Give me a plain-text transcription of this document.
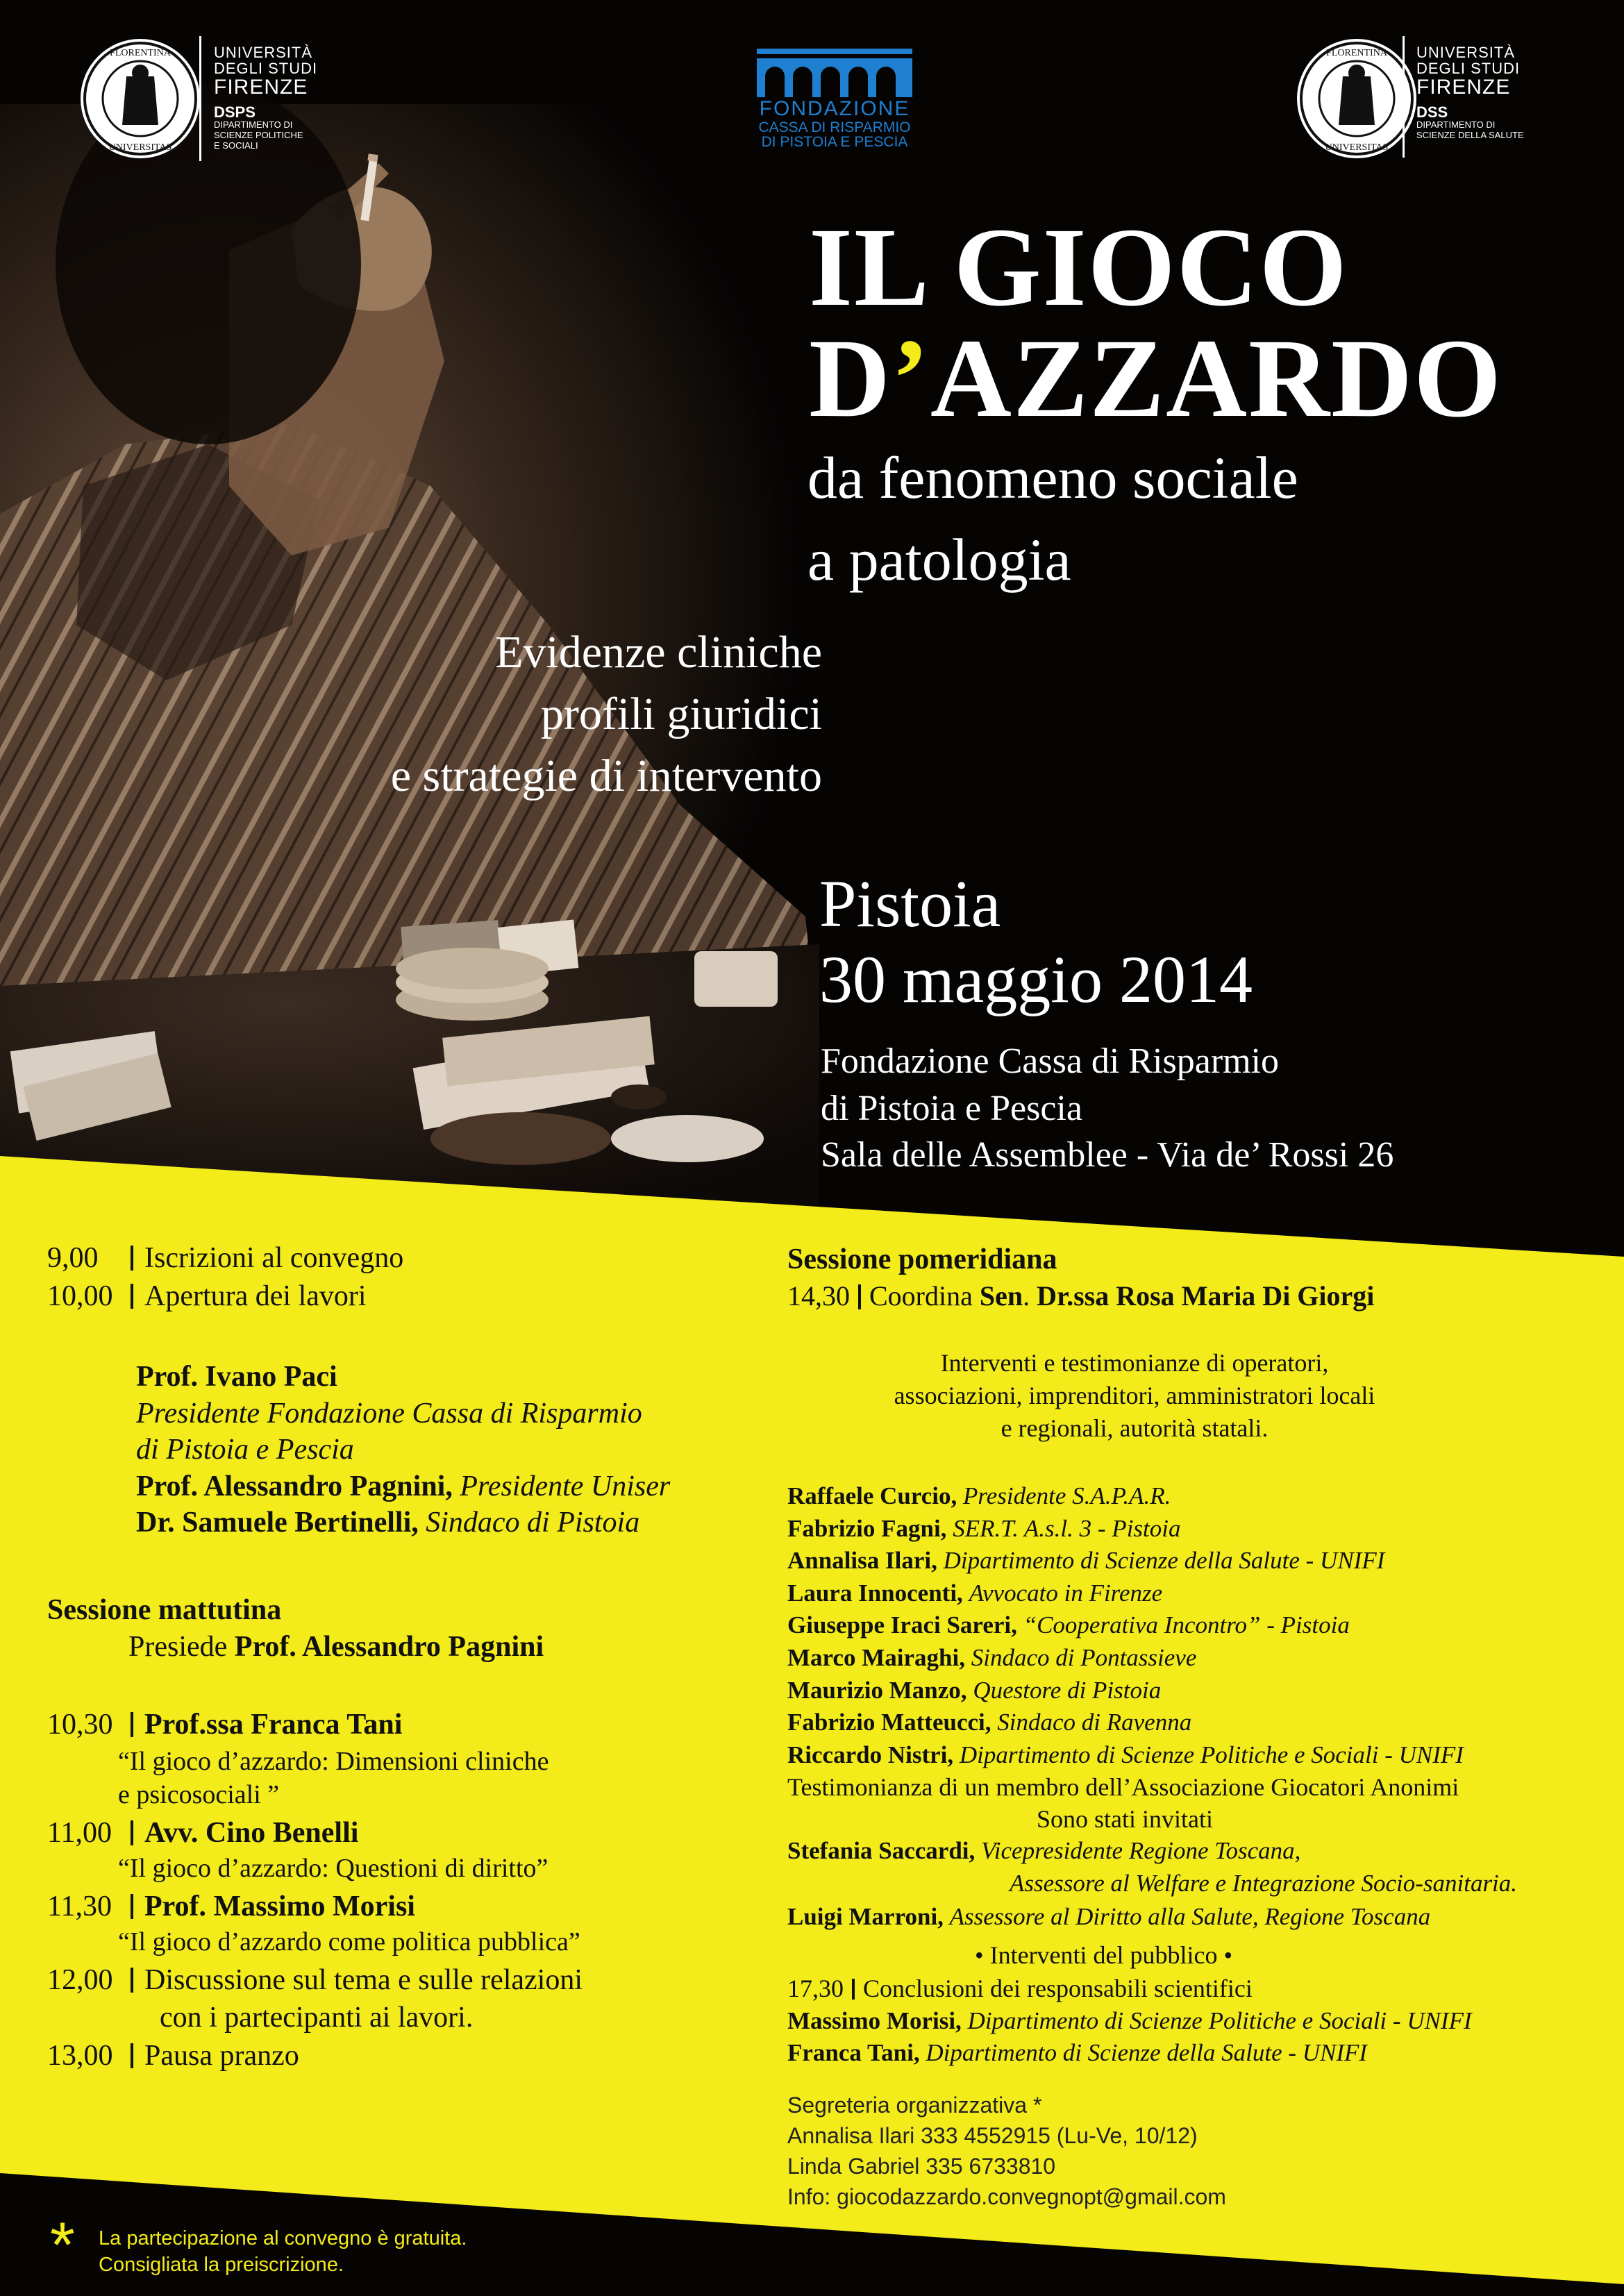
FLORENTINA
UNIVERSITAS
UNIVERSITÀ
DEGLI STUDI
FIRENZE
DSPS
DIPARTIMENTO DI
SCIENZE POLITICHE
E SOCIALI
FONDAZIONE
CASSA DI RISPARMIO
DI PISTOIA E PESCIA
FLORENTINA
UNIVERSITAS
UNIVERSITÀ
DEGLI STUDI
FIRENZE
DSS
DIPARTIMENTO DI
SCIENZE DELLA SALUTE
IL GIOCO
D’AZZARDO
da fenomeno sociale
a patologia
Evidenze cliniche
profili giuridici
e strategie di intervento
Pistoia
30 maggio 2014
Fondazione Cassa di Risparmio
di Pistoia e Pescia
Sala delle Assemblee - Via de’ Rossi 26
9,00 Iscrizioni al convegno
10,00 Apertura dei lavori
Prof. Ivano Paci
Presidente Fondazione Cassa di Risparmio
di Pistoia e Pescia
Prof. Alessandro Pagnini, Presidente Uniser
Dr. Samuele Bertinelli, Sindaco di Pistoia
Sessione mattutina
Presiede Prof. Alessandro Pagnini
10,30 Prof.ssa Franca Tani
“Il gioco d’azzardo: Dimensioni cliniche
e psicosociali ”
11,00 Avv. Cino Benelli
“Il gioco d’azzardo: Questioni di diritto”
11,30 Prof. Massimo Morisi
“Il gioco d’azzardo come politica pubblica”
12,00 Discussione sul tema e sulle relazioni
con i partecipanti ai lavori.
13,00 Pausa pranzo
Sessione pomeridiana
14,30 Coordina Sen. Dr.ssa Rosa Maria Di Giorgi
Interventi e testimonianze di operatori,
associazioni, imprenditori, amministratori locali
e regionali, autorità statali.
Raffaele Curcio, Presidente S.A.P.A.R.
Fabrizio Fagni, SER.T. A.s.l. 3 - Pistoia
Annalisa Ilari, Dipartimento di Scienze della Salute - UNIFI
Laura Innocenti, Avvocato in Firenze
Giuseppe Iraci Sareri, “Cooperativa Incontro” - Pistoia
Marco Mairaghi, Sindaco di Pontassieve
Maurizio Manzo, Questore di Pistoia
Fabrizio Matteucci, Sindaco di Ravenna
Riccardo Nistri, Dipartimento di Scienze Politiche e Sociali - UNIFI
Testimonianza di un membro dell’Associazione Giocatori Anonimi
Sono stati invitati
Stefania Saccardi, Vicepresidente Regione Toscana,
Assessore al Welfare e Integrazione Socio-sanitaria.
Luigi Marroni, Assessore al Diritto alla Salute, Regione Toscana
• Interventi del pubblico •
17,30 Conclusioni dei responsabili scientifici
Massimo Morisi, Dipartimento di Scienze Politiche e Sociali - UNIFI
Franca Tani, Dipartimento di Scienze della Salute - UNIFI
Segreteria organizzativa *
Annalisa Ilari 333 4552915 (Lu-Ve, 10/12)
Linda Gabriel 335 6733810
Info: giocodazzardo.convegnopt@gmail.com
* La partecipazione al convegno è gratuita.
Consigliata la preiscrizione.
